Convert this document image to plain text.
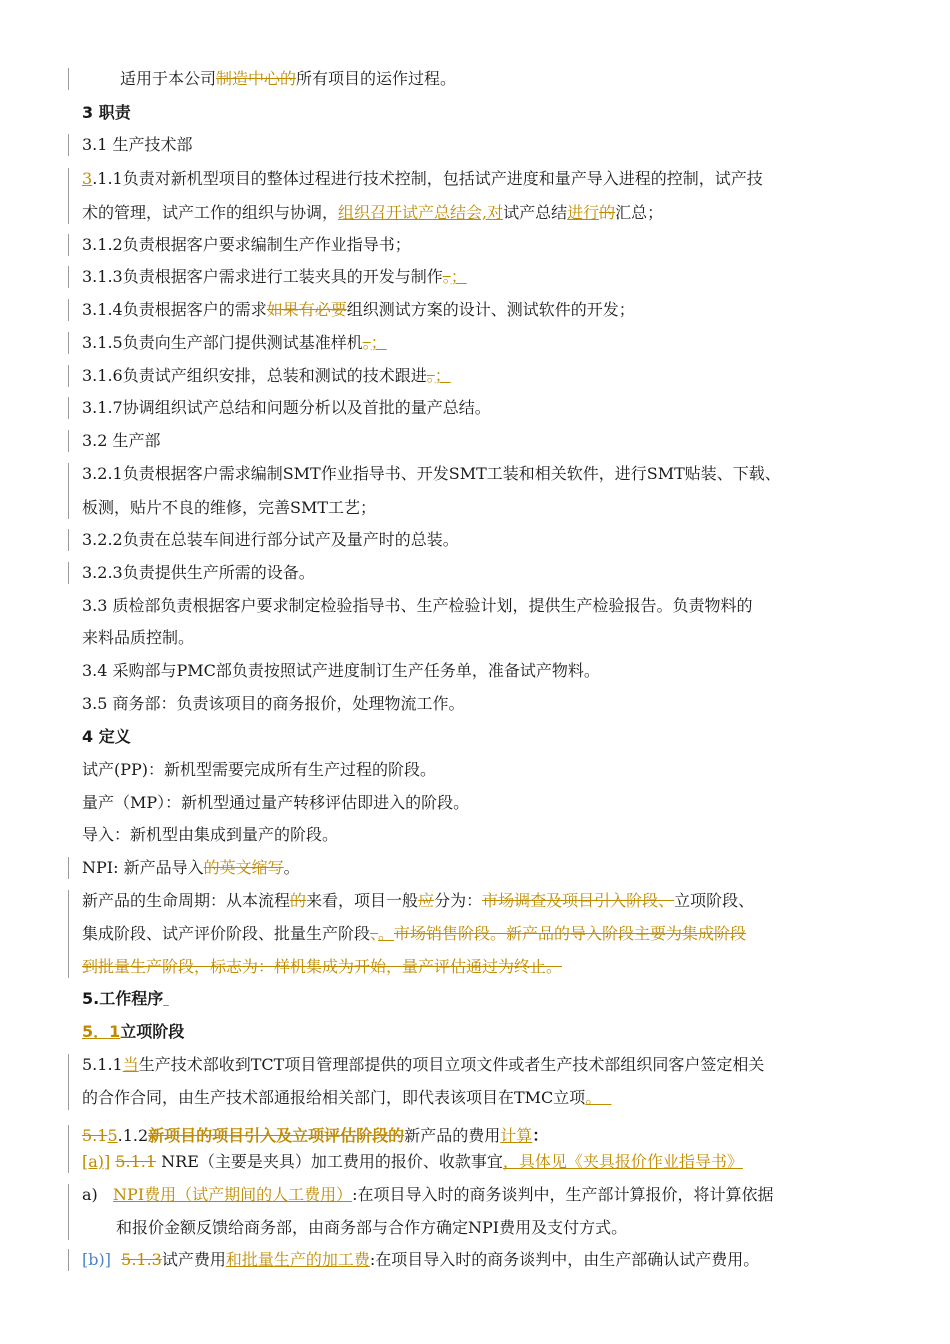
适用于本公司制造中心的所有项目的运作过程。
3 职责
3.1 生产技术部
3.1.1负责对新机型项目的整体过程进行技术控制，包括试产进度和量产导入进程的控制，试产技
术的管理，试产工作的组织与协调，组织召开试产总结会,对试产总结进行的汇总；
3.1.2负责根据客户要求编制生产作业指导书；
3.1.3负责根据客户需求进行工装夹具的开发与制作。；
3.1.4负责根据客户的需求如果有必要组织测试方案的设计、测试软件的开发；
3.1.5负责向生产部门提供测试基准样机。；
3.1.6负责试产组织安排，总装和测试的技术跟进。；
3.1.7协调组织试产总结和问题分析以及首批的量产总结。
3.2 生产部
3.2.1负责根据客户需求编制SMT作业指导书、开发SMT工装和相关软件，进行SMT贴装、下载、
板测，贴片不良的维修，完善SMT工艺；
3.2.2负责在总装车间进行部分试产及量产时的总装。
3.2.3负责提供生产所需的设备。
3.3 质检部负责根据客户要求制定检验指导书、生产检验计划，提供生产检验报告。负责物料的
来料品质控制。
3.4 采购部与PMC部负责按照试产进度制订生产任务单，准备试产物料。
3.5 商务部：负责该项目的商务报价，处理物流工作。
4 定义
试产(PP)：新机型需要完成所有生产过程的阶段。
量产（MP）：新机型通过量产转移评估即进入的阶段。
导入：新机型由集成到量产的阶段。
NPI: 新产品导入的英文缩写。
新产品的生命周期：从本流程的来看，项目一般应分为：市场调查及项目引入阶段、立项阶段、
集成阶段、试产评价阶段、批量生产阶段、。市场销售阶段。新产品的导入阶段主要为集成阶段
到批量生产阶段，标志为：样机集成为开始，量产评估通过为终止。
5.工作程序
5．1立项阶段
5.1.1当生产技术部收到TCT项目管理部提供的项目立项文件或者生产技术部组织同客户签定相关
的合作合同，由生产技术部通报给相关部门，即代表该项目在TMC立项。
5.15.1.2新项目的项目引入及立项评估阶段的新产品的费用计算：
[a)] 5.1.1 NRE（主要是夹具）加工费用的报价、收款事宜，具体见《夹具报价作业指导书》
a) NPI费用（试产期间的人工费用）:在项目导入时的商务谈判中，生产部计算报价，将计算依据
和报价金额反馈给商务部，由商务部与合作方确定NPI费用及支付方式。
[b)] 5.1.3试产费用和批量生产的加工费:在项目导入时的商务谈判中，由生产部确认试产费用。
